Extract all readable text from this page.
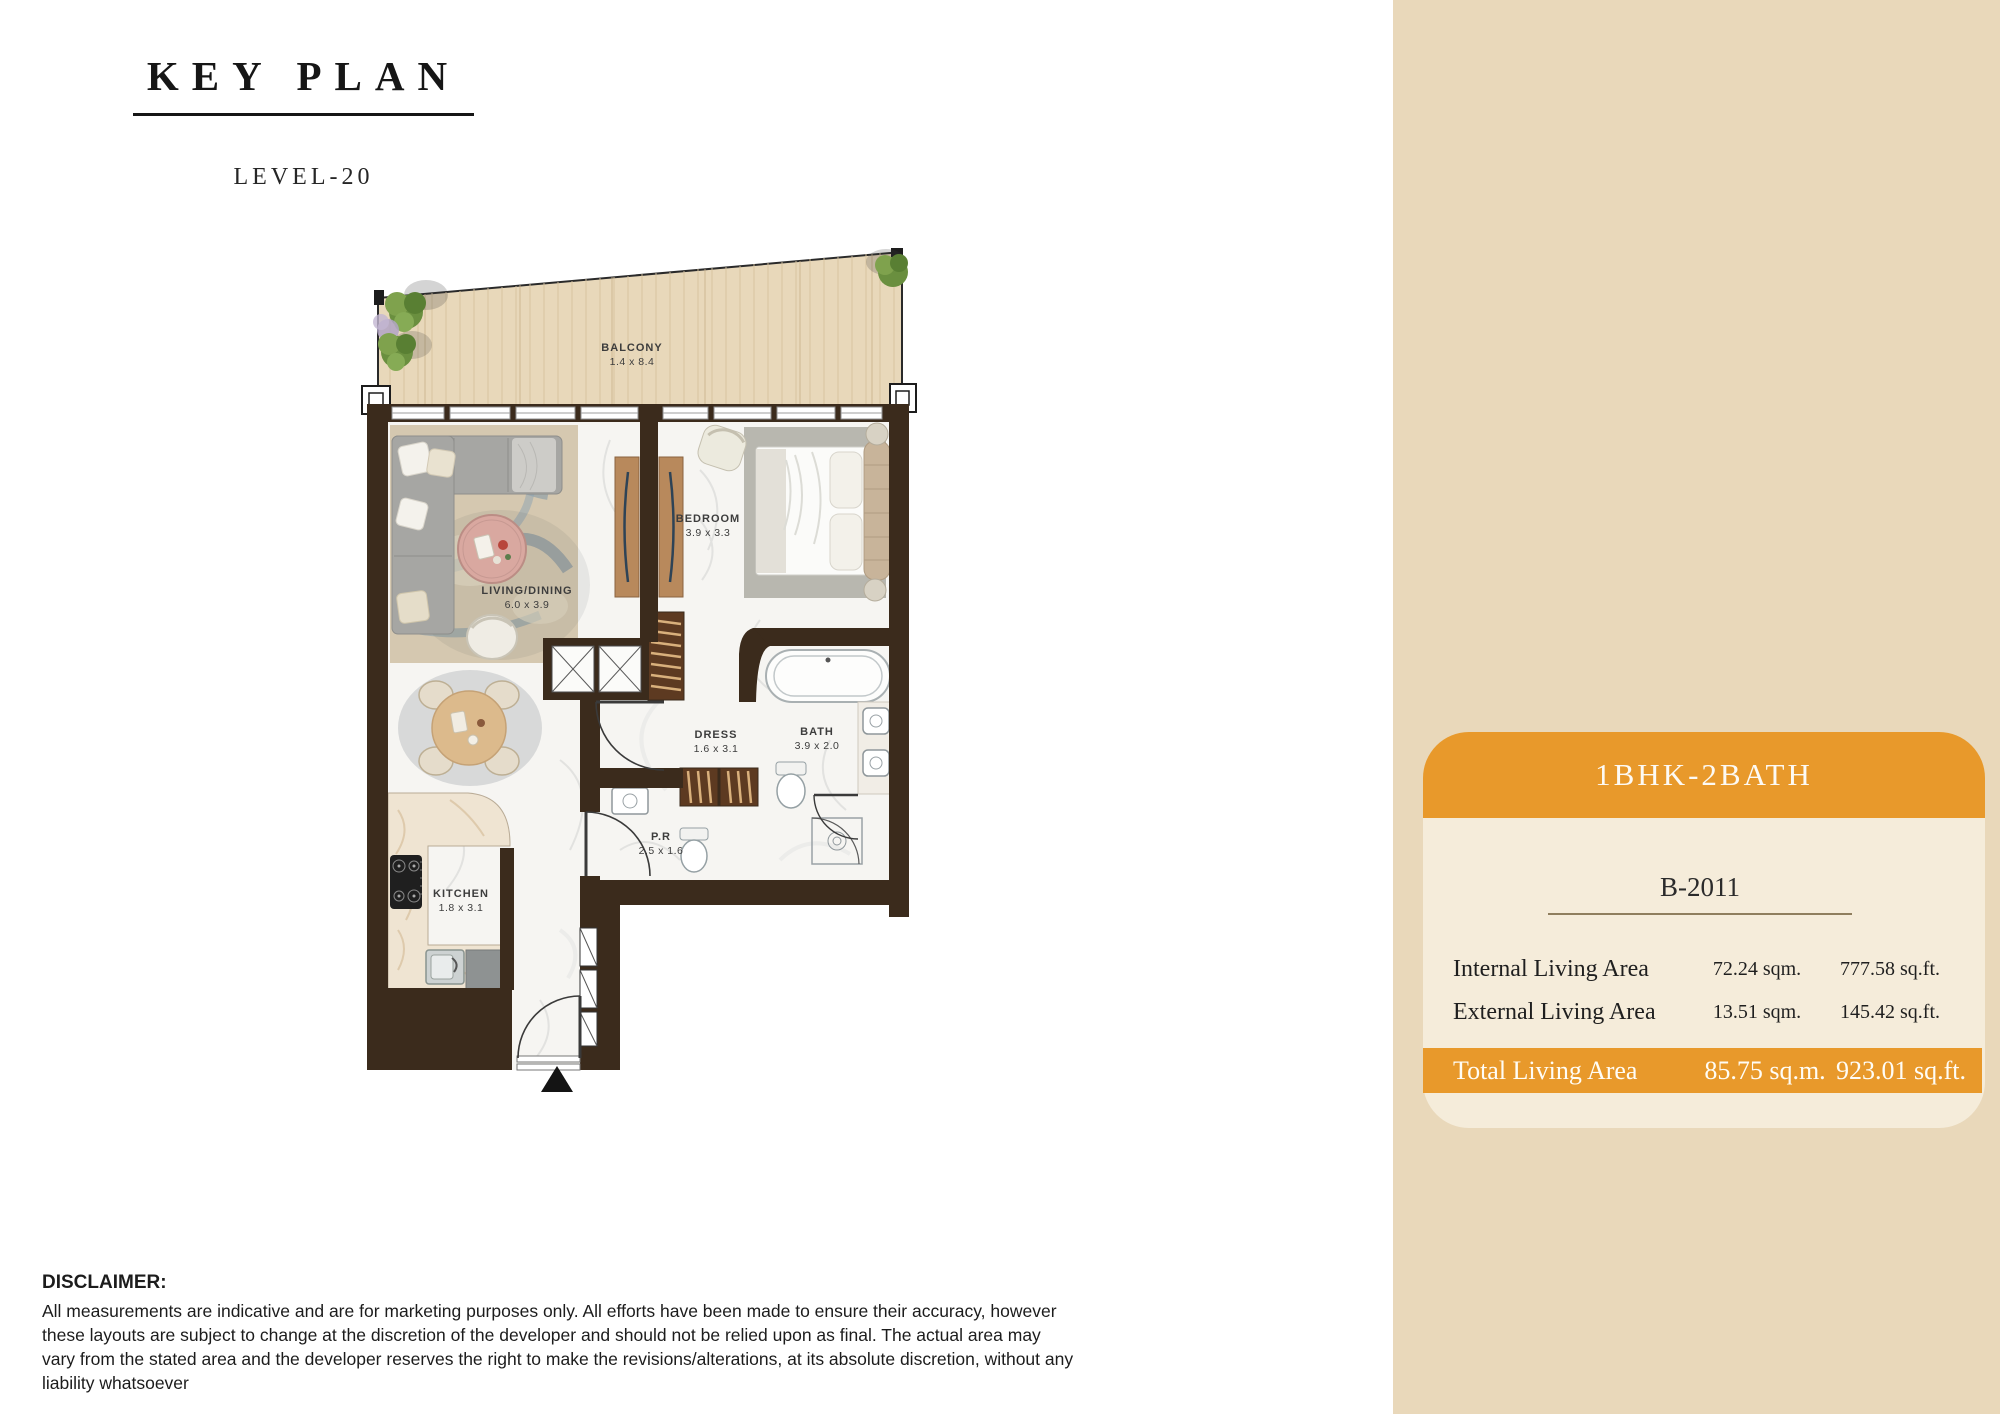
BALCONY
1.4 x 8.4
LIVING/DINING
6.0 x 3.9
BEDROOM
3.9 x 3.3
DRESS
1.6 x 3.1
BATH
3.9 x 2.0
P.R
2.5 x 1.6
KITCHEN
1.8 x 3.1
KEY PLAN
LEVEL-20
1BHK-2BATH
B-2011
Internal Living Area	72.24 sqm.	777.58 sq.ft.
External Living Area	13.51 sqm.	145.42 sq.ft.
Total Living Area	85.75 sq.m. 923.01 sq.ft.
DISCLAIMER:
All measurements are indicative and are for marketing purposes only. All efforts have been made to ensure their accuracy, however these layouts are subject to change at the discretion of the developer and should not be relied upon as final. The actual area may vary from the stated area and the developer reserves the right to make the revisions/alterations, at its absolute discretion, without any liability whatsoever
